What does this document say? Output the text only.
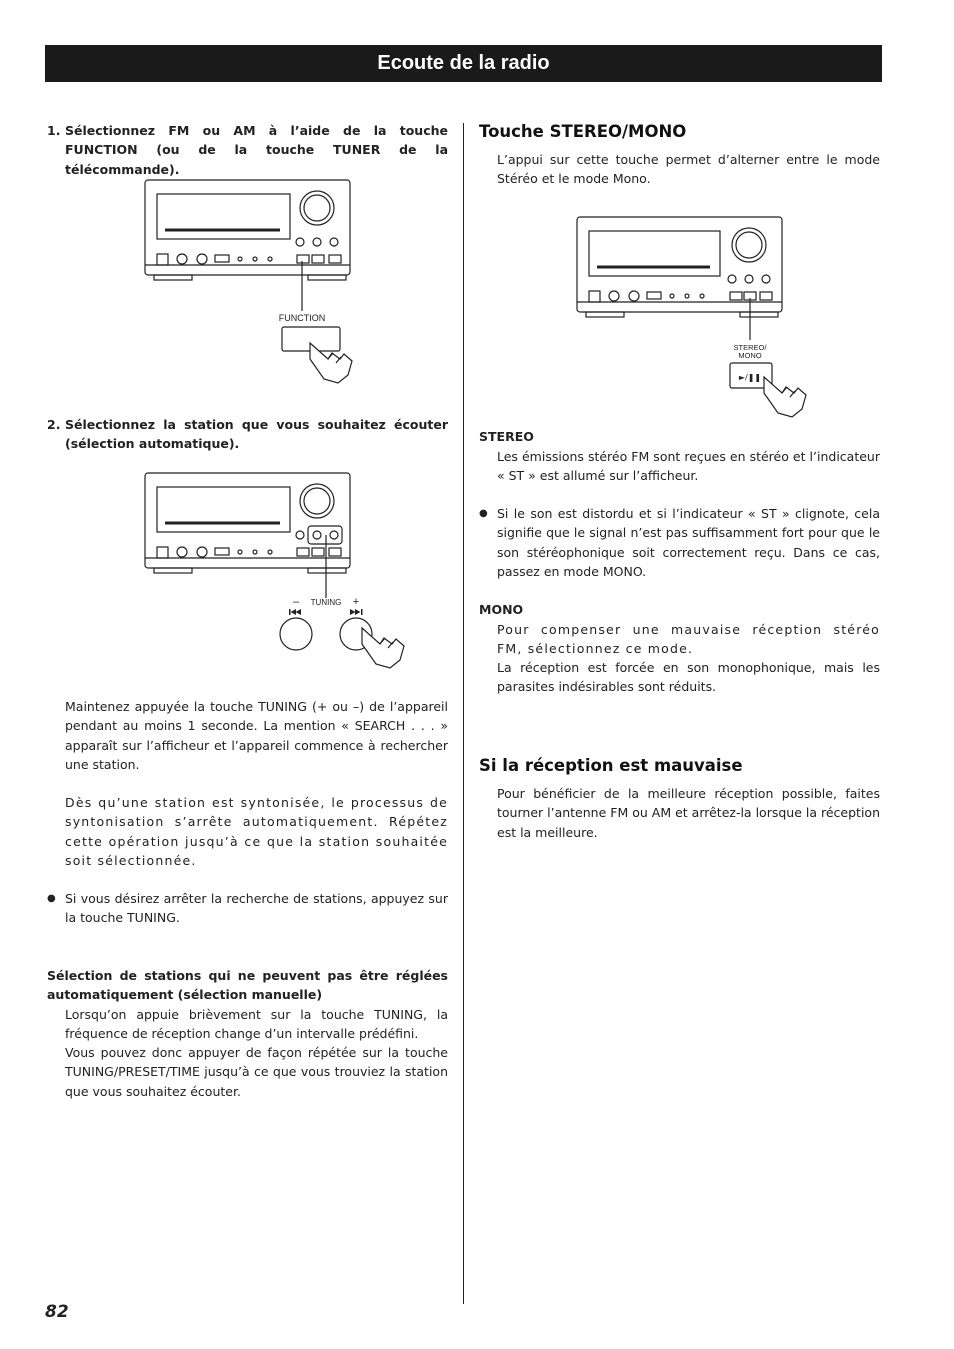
Ecoute de la radio
1. Sélectionnez FM ou AM à l’aide de la touche FUNCTION (ou de la touche TUNER de la télécommande).
FUNCTION
2. Sélectionnez la station que vous souhaitez écouter (sélection automatique).
TUNING
–	+
Maintenez appuyée la touche TUNING (+ ou –) de l’appareil pendant au moins 1 seconde. La mention « SEARCH . . . » apparaît sur l’afficheur et l’appareil commence à rechercher une station.
Dès qu’une station est syntonisée, le processus de syntonisation s’arrête automatiquement. Répétez cette opération jusqu’à ce que la station souhaitée soit sélectionnée.
● Si vous désirez arrêter la recherche de stations, appuyez sur la touche TUNING.
Sélection de stations qui ne peuvent pas être réglées automatiquement (sélection manuelle)
Lorsqu’on appuie brièvement sur la touche TUNING, la fréquence de réception change d’un intervalle prédéfini.
Vous pouvez donc appuyer de façon répétée sur la touche TUNING/PRESET/TIME jusqu’à ce que vous trouviez la station que vous souhaitez écouter.
Touche STEREO/MONO
L’appui sur cette touche permet d’alterner entre le mode Stéréo et le mode Mono.
STEREO/
MONO
►/❚❚
STEREO
Les émissions stéréo FM sont reçues en stéréo et l’indicateur « ST » est allumé sur l’afficheur.
● Si le son est distordu et si l’indicateur « ST » clignote, cela signifie que le signal n’est pas suffisamment fort pour que le son stéréophonique soit correctement reçu. Dans ce cas, passez en mode MONO.
MONO
Pour compenser une mauvaise réception stéréo FM, sélectionnez ce mode.
La réception est forcée en son monophonique, mais les parasites indésirables sont réduits.
Si la réception est mauvaise
Pour bénéficier de la meilleure réception possible, faites tourner l’antenne FM ou AM et arrêtez-la lorsque la réception est la meilleure.
82
